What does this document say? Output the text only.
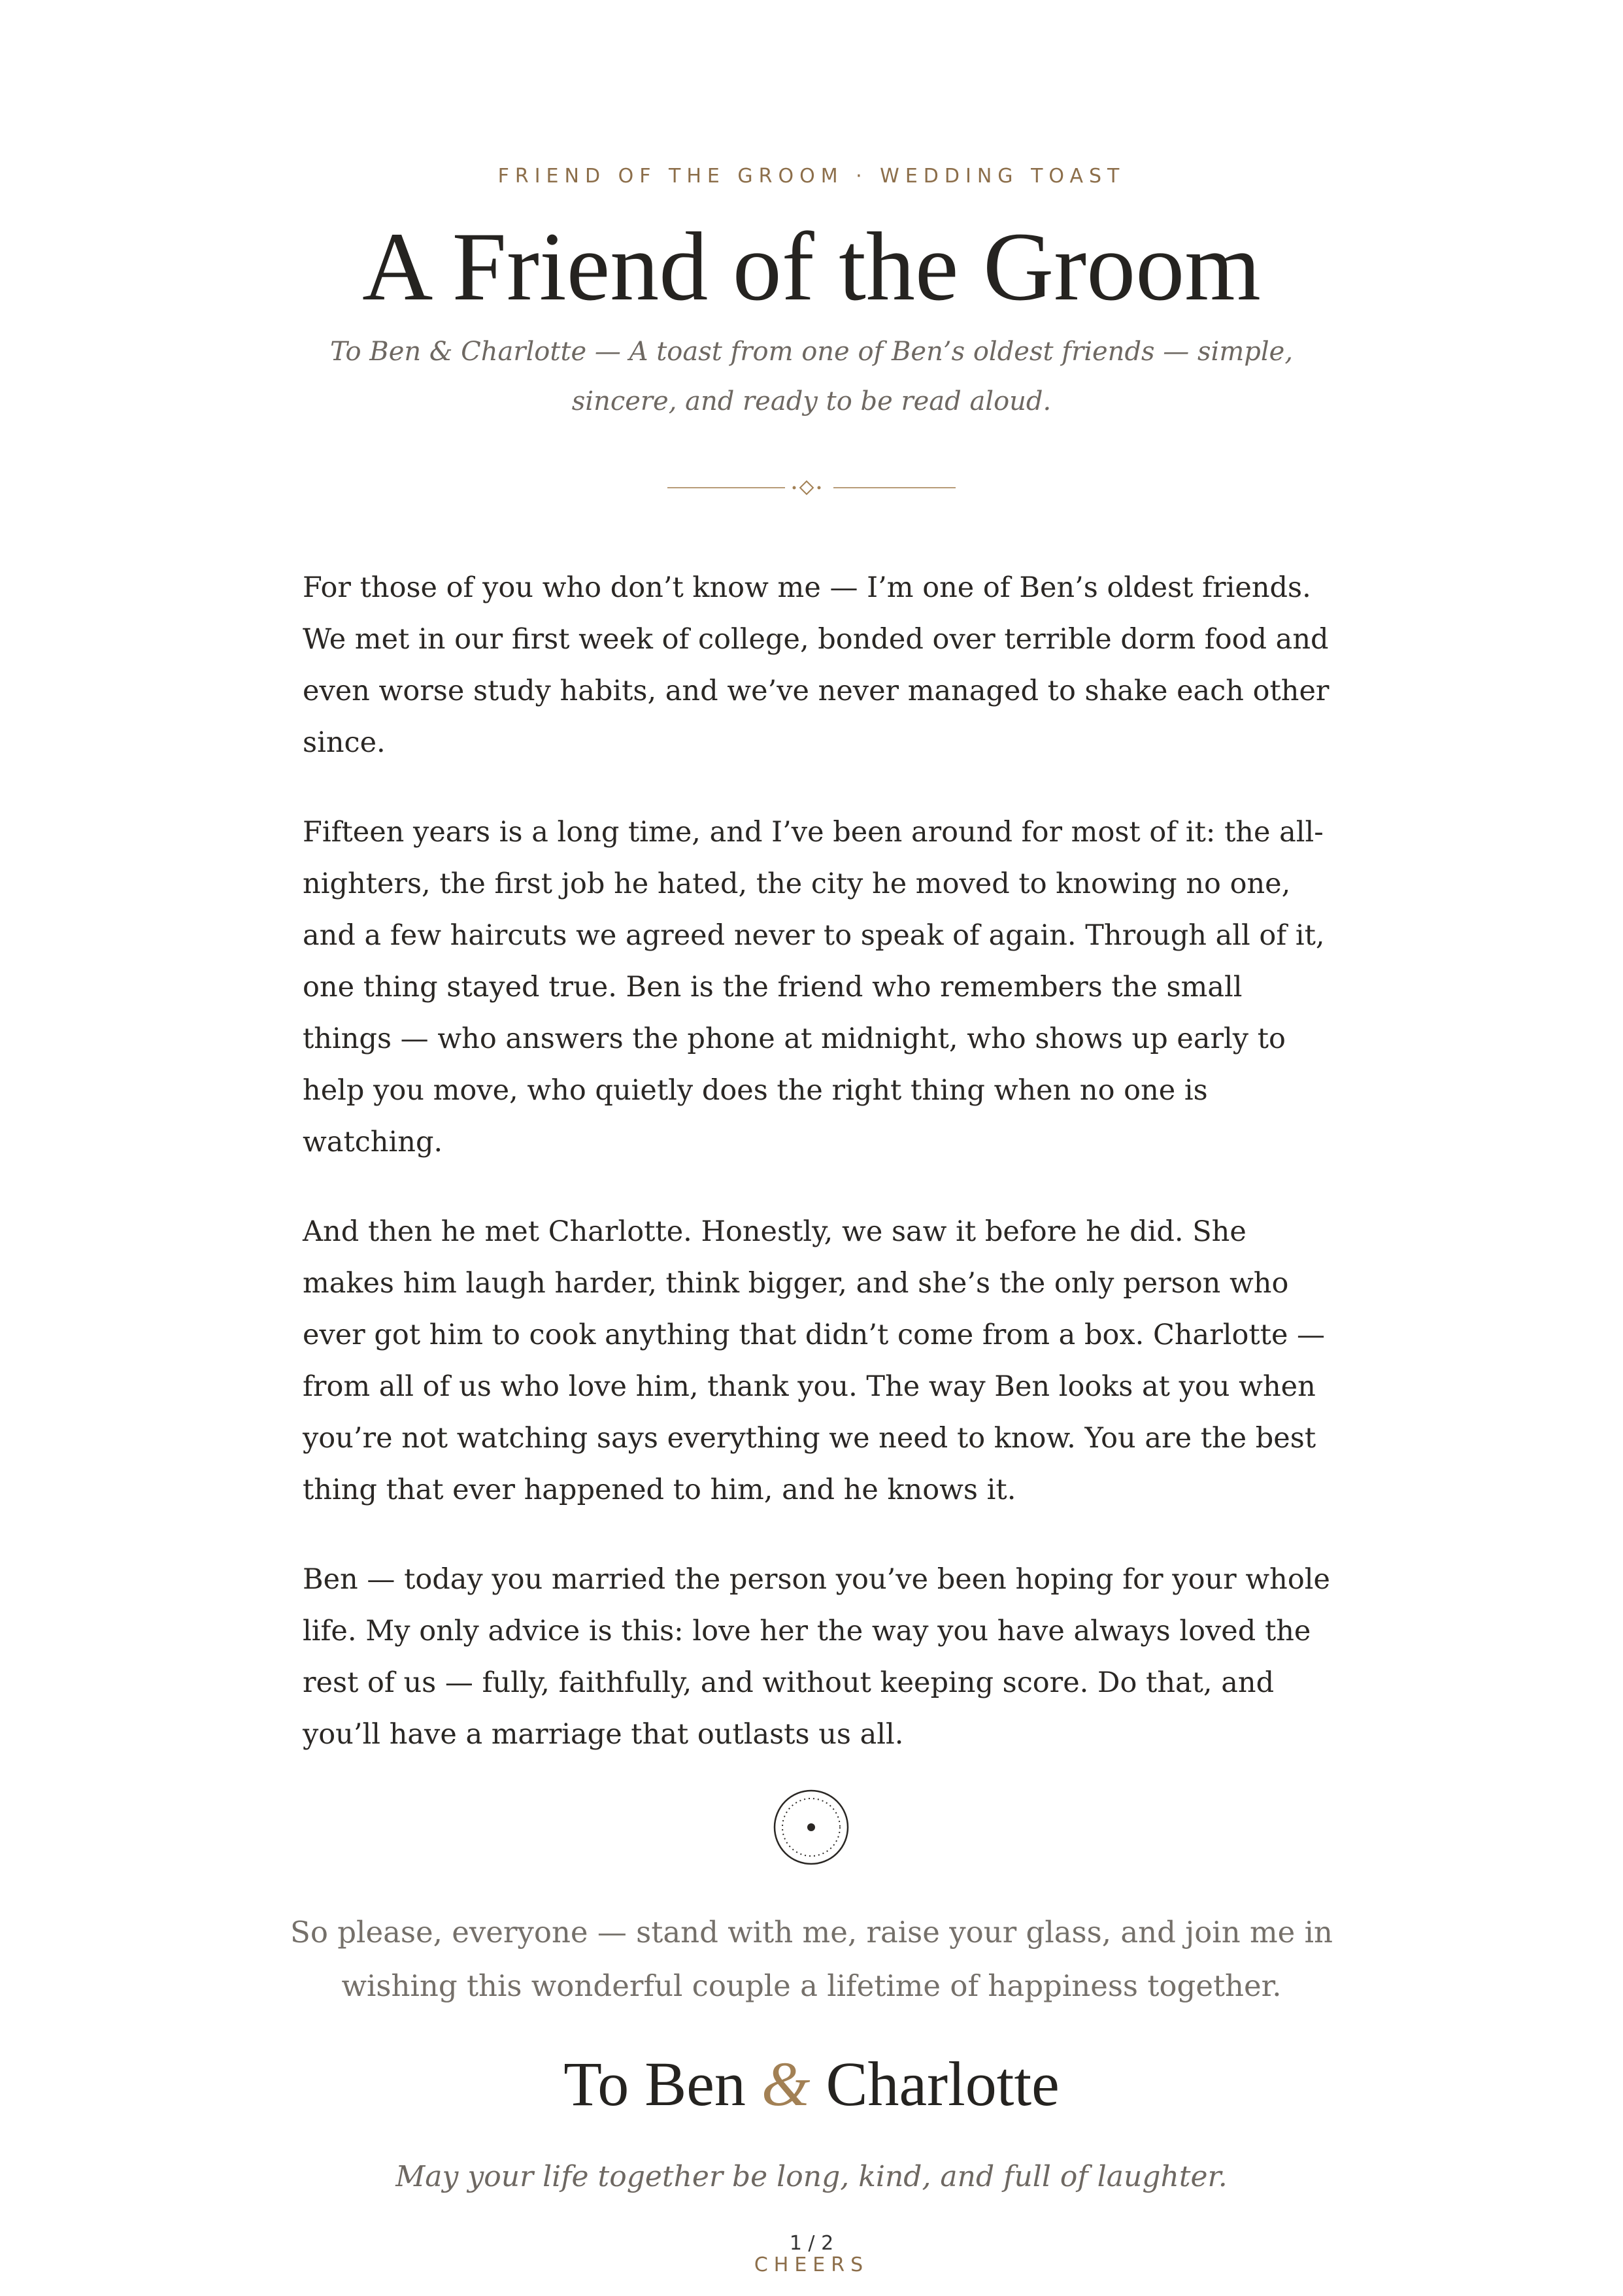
FRIEND OF THE GROOM · WEDDING TOAST
A Friend of the Groom
To Ben & Charlotte — A toast from one of Ben’s oldest friends — simple,
sincere, and ready to be read aloud.

For those of you who don’t know me — I’m one of Ben’s oldest friends. We met in our first week of college, bonded over terrible dorm food and even worse study habits, and we’ve never managed to shake each other since.

Fifteen years is a long time, and I’ve been around for most of it: the all-nighters, the first job he hated, the city he moved to knowing no one, and a few haircuts we agreed never to speak of again. Through all of it, one thing stayed true. Ben is the friend who remembers the small things — who answers the phone at midnight, who shows up early to help you move, who quietly does the right thing when no one is watching.

And then he met Charlotte. Honestly, we saw it before he did. She makes him laugh harder, think bigger, and she’s the only person who ever got him to cook anything that didn’t come from a box. Charlotte — from all of us who love him, thank you. The way Ben looks at you when you’re not watching says everything we need to know. You are the best thing that ever happened to him, and he knows it.

Ben — today you married the person you’ve been hoping for your whole life. My only advice is this: love her the way you have always loved the rest of us — fully, faithfully, and without keeping score. Do that, and you’ll have a marriage that outlasts us all.

So please, everyone — stand with me, raise your glass, and join me in
wishing this wonderful couple a lifetime of happiness together.
To Ben & Charlotte
May your life together be long, kind, and full of laughter.
1 / 2
CHEERS
